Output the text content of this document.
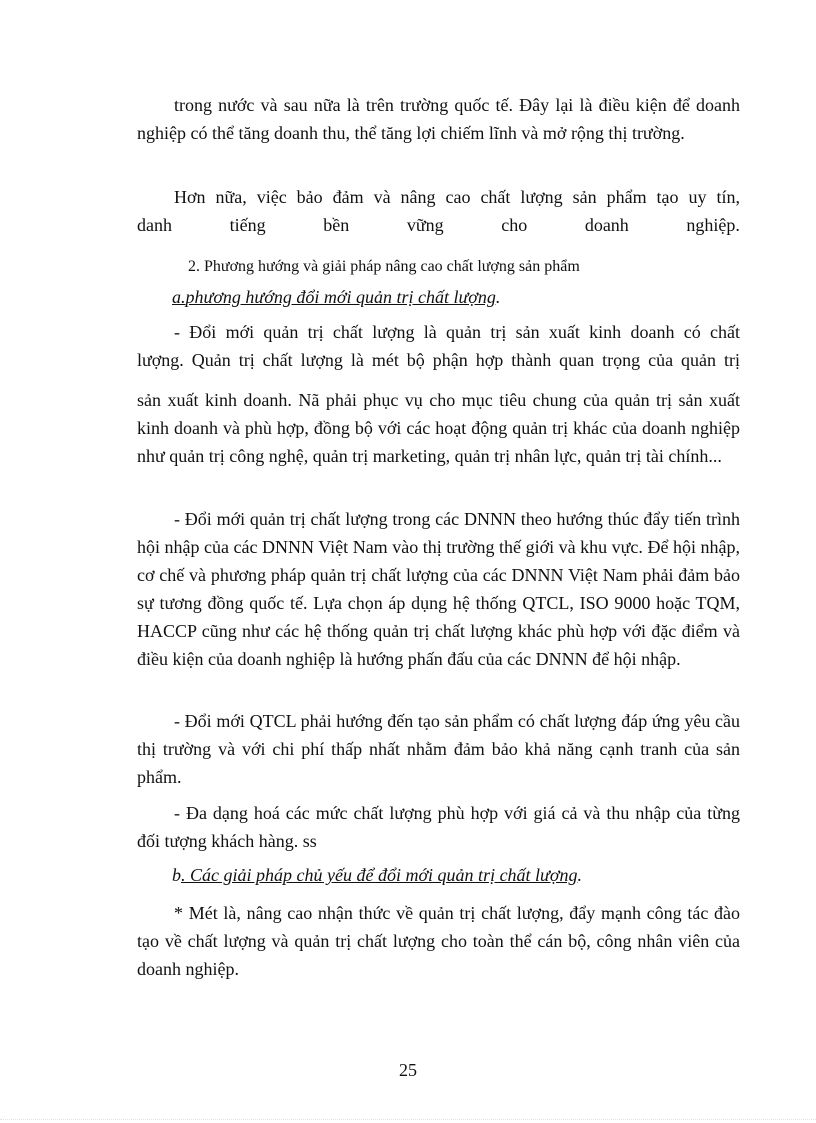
trong nước và sau nữa là trên trường quốc tế. Đây lại là điều kiện để doanh nghiệp có thể tăng doanh thu, thể tăng lợi chiếm lĩnh và mở rộng thị trường.

Hơn nữa, việc bảo đảm và nâng cao chất lượng sản phẩm tạo uy tín,

danh	tiếng	bền	vững	cho	doanh	nghiệp.

2. Phương hướng và giải pháp nâng cao chất lượng sản phẩm

a.phương hướng đổi mới quản trị chất lượng.

- Đổi mới quản trị chất lượng là quản trị sản xuất kinh doanh có chất

lượng. Quản trị chất lượng là mét bộ phận hợp thành quan trọng của quản trị

sản xuất kinh doanh. Nã phải phục vụ cho mục tiêu chung của quản trị sản xuất kinh doanh và phù hợp, đồng bộ với các hoạt động quản trị khác của doanh nghiệp như quản trị công nghệ, quản trị marketing, quản trị nhân lực, quản trị tài chính...

- Đổi mới quản trị chất lượng trong các DNNN theo hướng thúc đẩy tiến trình hội nhập của các DNNN Việt Nam vào thị trường thế giới và khu vực. Để hội nhập, cơ chế và phương pháp quản trị chất lượng của các DNNN Việt Nam phải đảm bảo sự tương đồng quốc tế. Lựa chọn áp dụng hệ thống QTCL, ISO 9000 hoặc TQM, HACCP cũng như các hệ thống quản trị chất lượng khác phù hợp với đặc điểm và điều kiện của doanh nghiệp là hướng phấn đấu của các DNNN để hội nhập.

- Đổi mới QTCL phải hướng đến tạo sản phẩm có chất lượng đáp ứng yêu cầu thị trường và với chi phí thấp nhất nhằm đảm bảo khả năng cạnh tranh của sản phẩm.

- Đa dạng hoá các mức chất lượng phù hợp với giá cả và thu nhập của từng đối tượng khách hàng. ss

b. Các giải pháp chủ yếu để đổi mới quản trị chất lượng.

* Mét là, nâng cao nhận thức về quản trị chất lượng, đẩy mạnh công tác đào tạo về chất lượng và quản trị chất lượng cho toàn thể cán bộ, công nhân viên của doanh nghiệp.

25
